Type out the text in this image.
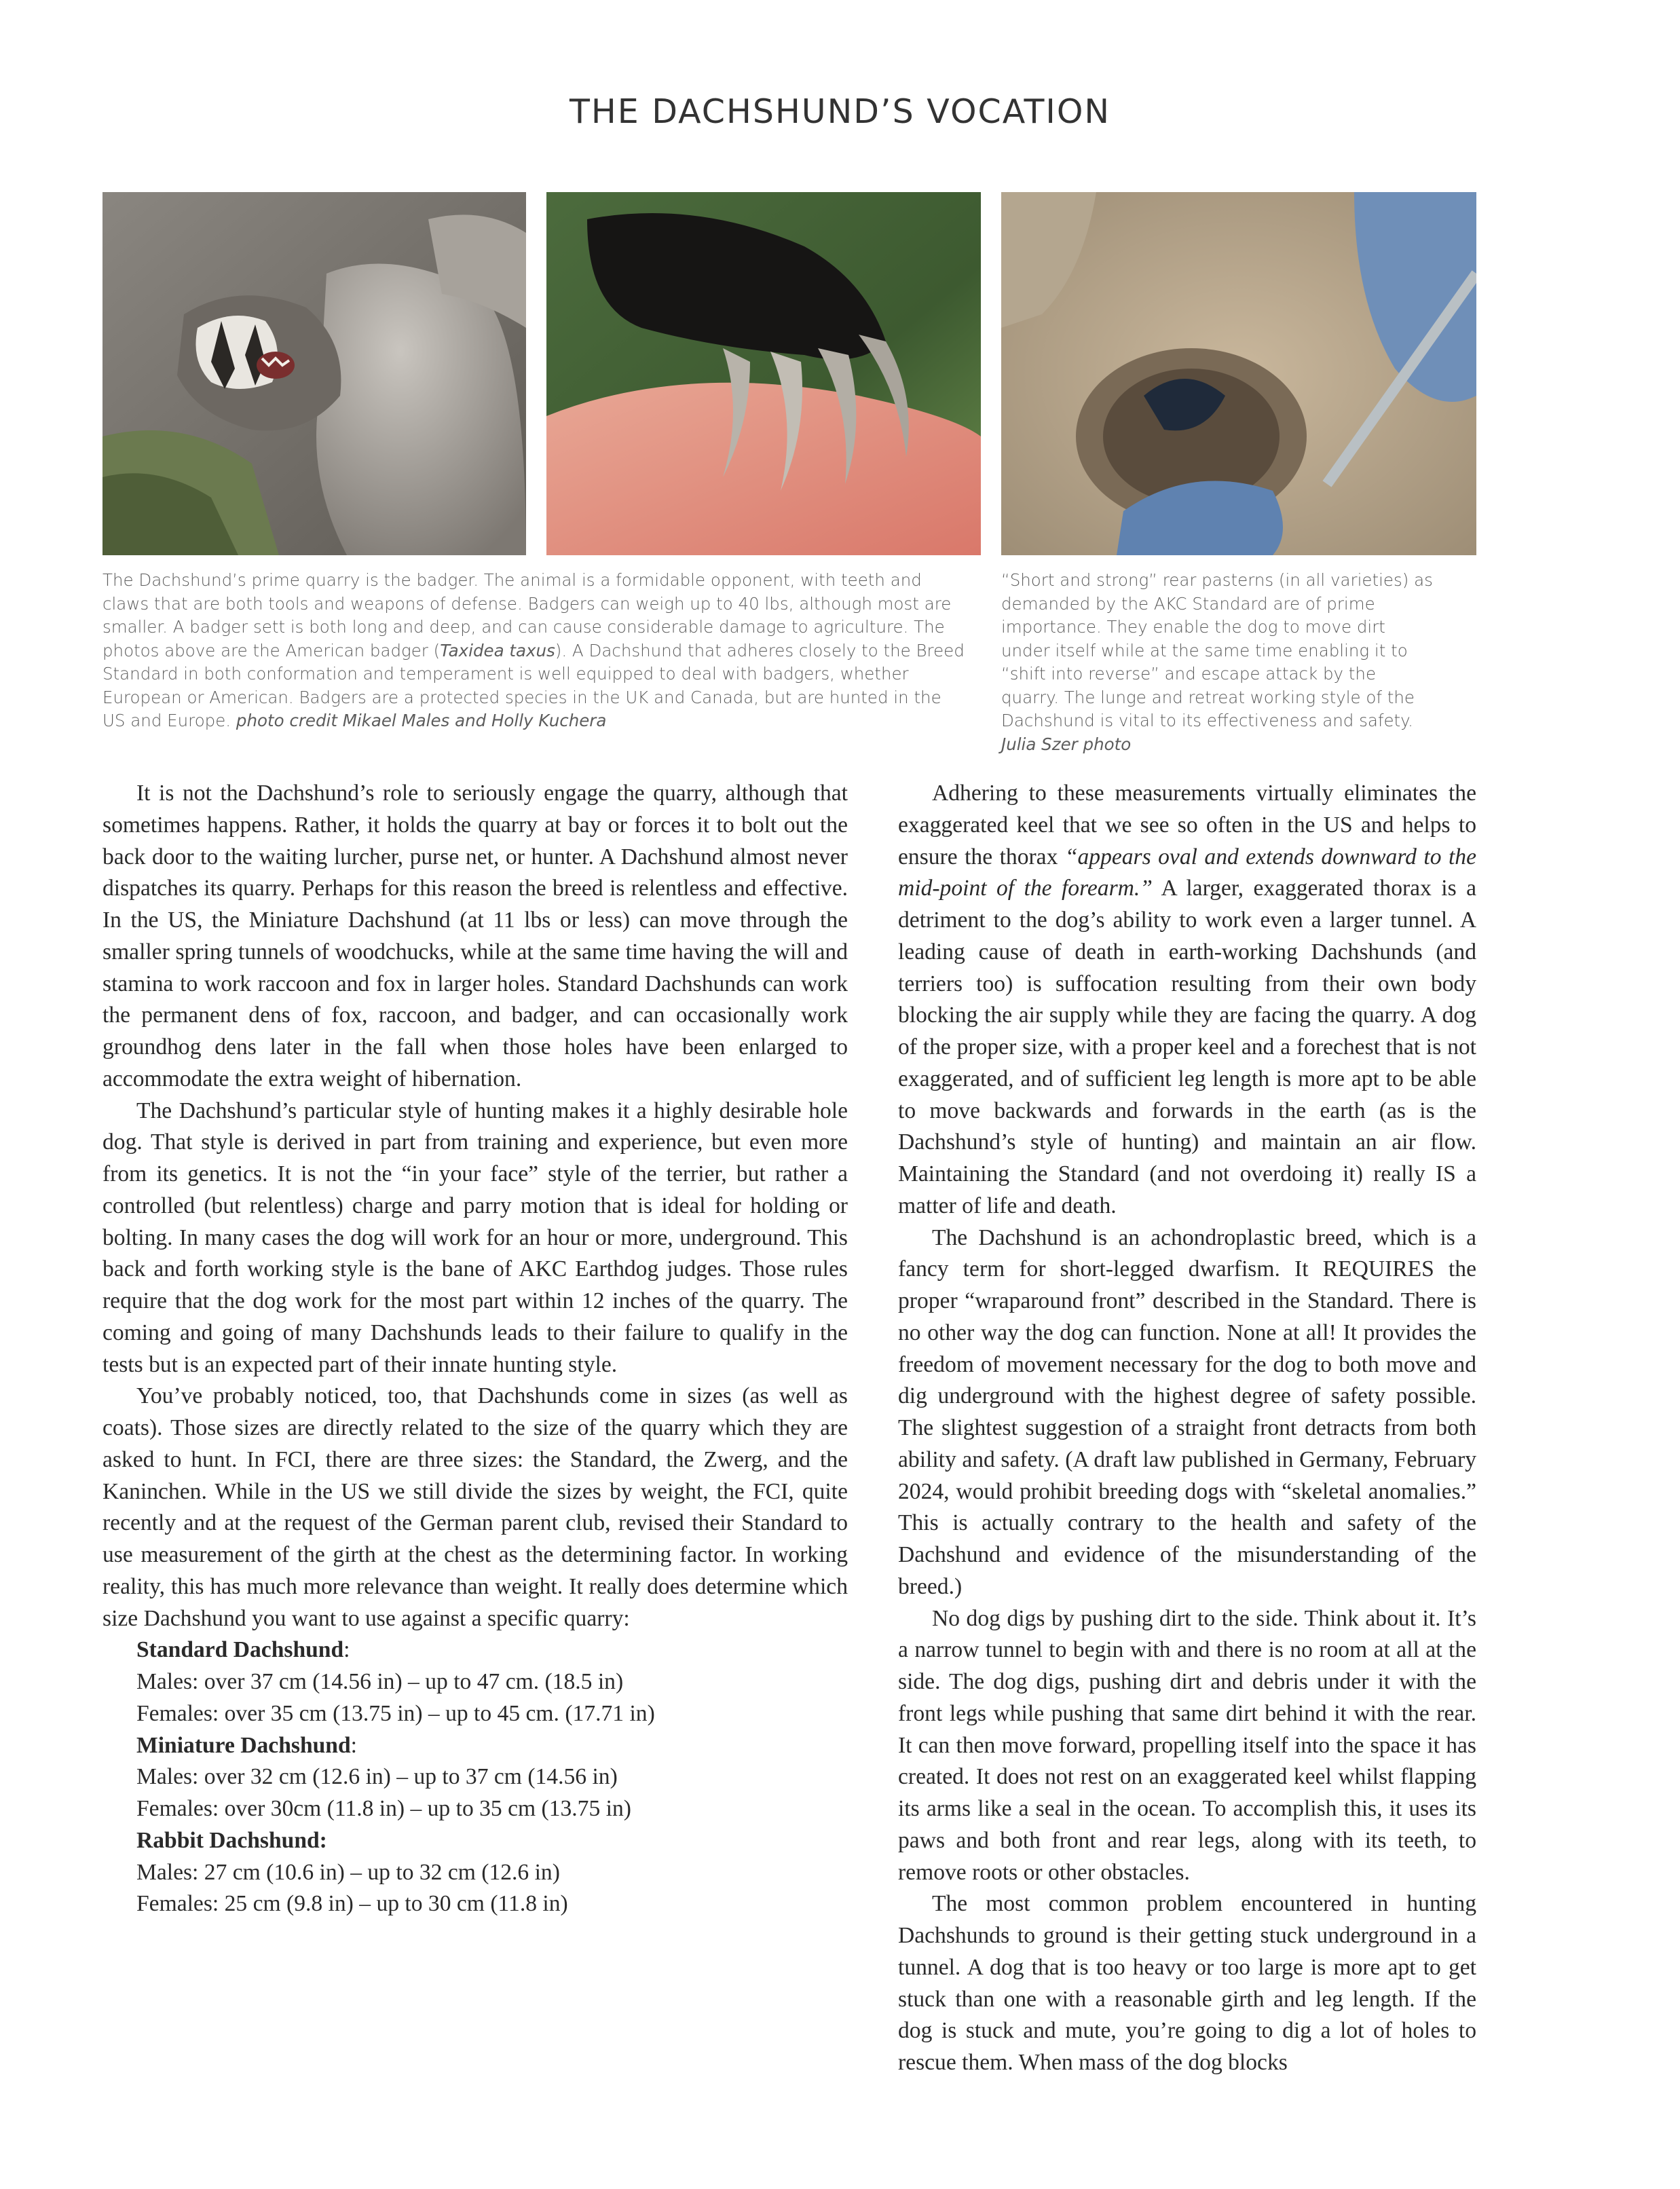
THE DACHSHUND’S VOCATION

The Dachshund’s prime quarry is the badger. The animal is a formidable opponent, with teeth and claws that are both tools and weapons of defense. Badgers can weigh up to 40 lbs, although most are smaller. A badger sett is both long and deep, and can cause considerable damage to agriculture. The photos above are the American badger (Taxidea taxus). A Dachshund that adheres closely to the Breed Standard in both conformation and temperament is well equipped to deal with badgers, whether European or American. Badgers are a protected species in the UK and Canada, but are hunted in the US and Europe. photo credit Mikael Males and Holly Kuchera

“Short and strong” rear pasterns (in all varieties) as demanded by the AKC Standard are of prime importance. They enable the dog to move dirt under itself while at the same time enabling it to “shift into reverse” and escape attack by the quarry. The lunge and retreat working style of the Dachshund is vital to its effectiveness and safety. Julia Szer photo

It is not the Dachshund’s role to seriously engage the quarry, although that sometimes happens. Rather, it holds the quarry at bay or forces it to bolt out the back door to the waiting lurcher, purse net, or hunter. A Dachshund almost never dispatches its quarry. Perhaps for this reason the breed is relentless and effective. In the US, the Miniature Dachshund (at 11 lbs or less) can move through the smaller spring tunnels of woodchucks, while at the same time having the will and stamina to work raccoon and fox in larger holes. Standard Dachshunds can work the permanent dens of fox, raccoon, and badger, and can occasionally work groundhog dens later in the fall when those holes have been enlarged to accommodate the extra weight of hibernation.

The Dachshund’s particular style of hunting makes it a highly desirable hole dog. That style is derived in part from training and experience, but even more from its genetics. It is not the “in your face” style of the terrier, but rather a controlled (but relentless) charge and parry motion that is ideal for holding or bolting. In many cases the dog will work for an hour or more, underground. This back and forth working style is the bane of AKC Earthdog judges. Those rules require that the dog work for the most part within 12 inches of the quarry. The coming and going of many Dachshunds leads to their failure to qualify in the tests but is an expected part of their innate hunting style.

You’ve probably noticed, too, that Dachshunds come in sizes (as well as coats). Those sizes are directly related to the size of the quarry which they are asked to hunt. In FCI, there are three sizes: the Standard, the Zwerg, and the Kaninchen. While in the US we still divide the sizes by weight, the FCI, quite recently and at the request of the German parent club, revised their Standard to use measurement of the girth at the chest as the determining factor. In working reality, this has much more relevance than weight. It really does determine which size Dachshund you want to use against a specific quarry:

Standard Dachshund:
Males: over 37 cm (14.56 in) – up to 47 cm. (18.5 in)
Females: over 35 cm (13.75 in) – up to 45 cm. (17.71 in)
Miniature Dachshund:
Males: over 32 cm (12.6 in) – up to 37 cm (14.56 in)
Females: over 30cm (11.8 in) – up to 35 cm (13.75 in)
Rabbit Dachshund:
Males: 27 cm (10.6 in) – up to 32 cm (12.6 in)
Females: 25 cm (9.8 in) – up to 30 cm (11.8 in)

Adhering to these measurements virtually eliminates the exaggerated keel that we see so often in the US and helps to ensure the thorax “appears oval and extends downward to the mid-point of the forearm.” A larger, exaggerated thorax is a detriment to the dog’s ability to work even a larger tunnel. A leading cause of death in earth-working Dachshunds (and terriers too) is suffocation resulting from their own body blocking the air supply while they are facing the quarry. A dog of the proper size, with a proper keel and a forechest that is not exaggerated, and of sufficient leg length is more apt to be able to move backwards and forwards in the earth (as is the Dachshund’s style of hunting) and maintain an air flow. Maintaining the Standard (and not overdoing it) really IS a matter of life and death.

The Dachshund is an achondroplastic breed, which is a fancy term for short-legged dwarfism. It REQUIRES the proper “wraparound front” described in the Standard. There is no other way the dog can function. None at all! It provides the freedom of movement necessary for the dog to both move and dig underground with the highest degree of safety possible. The slightest suggestion of a straight front detracts from both ability and safety. (A draft law published in Germany, February 2024, would prohibit breeding dogs with “skeletal anomalies.” This is actually contrary to the health and safety of the Dachshund and evidence of the misunderstanding of the breed.)

No dog digs by pushing dirt to the side. Think about it. It’s a narrow tunnel to begin with and there is no room at all at the side. The dog digs, pushing dirt and debris under it with the front legs while pushing that same dirt behind it with the rear. It can then move forward, propelling itself into the space it has created. It does not rest on an exaggerated keel whilst flapping its arms like a seal in the ocean. To accomplish this, it uses its paws and both front and rear legs, along with its teeth, to remove roots or other obstacles.

The most common problem encountered in hunting Dachshunds to ground is their getting stuck underground in a tunnel. A dog that is too heavy or too large is more apt to get stuck than one with a reasonable girth and leg length. If the dog is stuck and mute, you’re going to dig a lot of holes to rescue them. When mass of the dog blocks
